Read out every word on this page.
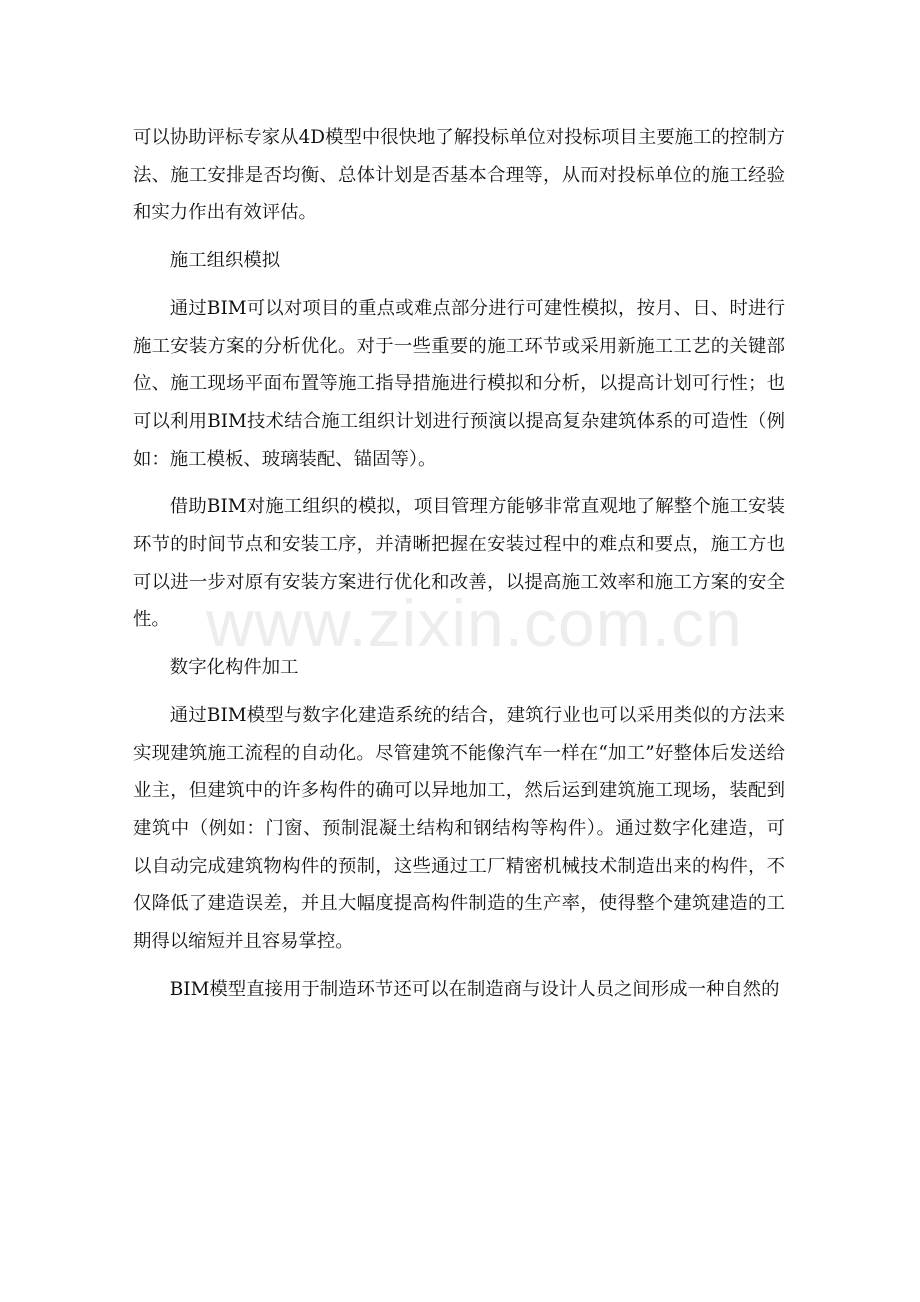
可以协助评标专家从4D模型中很快地了解投标单位对投标项目主要施工的控制方法、施工安排是否均衡、总体计划是否基本合理等，从而对投标单位的施工经验和实力作出有效评估。

施工组织模拟

通过BIM可以对项目的重点或难点部分进行可建性模拟，按月、日、时进行施工安装方案的分析优化。对于一些重要的施工环节或采用新施工工艺的关键部位、施工现场平面布置等施工指导措施进行模拟和分析，以提高计划可行性；也可以利用BIM技术结合施工组织计划进行预演以提高复杂建筑体系的可造性（例如：施工模板、玻璃装配、锚固等）。

借助BIM对施工组织的模拟，项目管理方能够非常直观地了解整个施工安装环节的时间节点和安装工序，并清晰把握在安装过程中的难点和要点，施工方也可以进一步对原有安装方案进行优化和改善，以提高施工效率和施工方案的安全性。

数字化构件加工

通过BIM模型与数字化建造系统的结合，建筑行业也可以采用类似的方法来实现建筑施工流程的自动化。尽管建筑不能像汽车一样在“加工”好整体后发送给业主，但建筑中的许多构件的确可以异地加工，然后运到建筑施工现场，装配到建筑中（例如：门窗、预制混凝土结构和钢结构等构件）。通过数字化建造，可以自动完成建筑物构件的预制，这些通过工厂精密机械技术制造出来的构件，不仅降低了建造误差，并且大幅度提高构件制造的生产率，使得整个建筑建造的工期得以缩短并且容易掌控。

BIM模型直接用于制造环节还可以在制造商与设计人员之间形成一种自然的

www.zixin.com.cn
